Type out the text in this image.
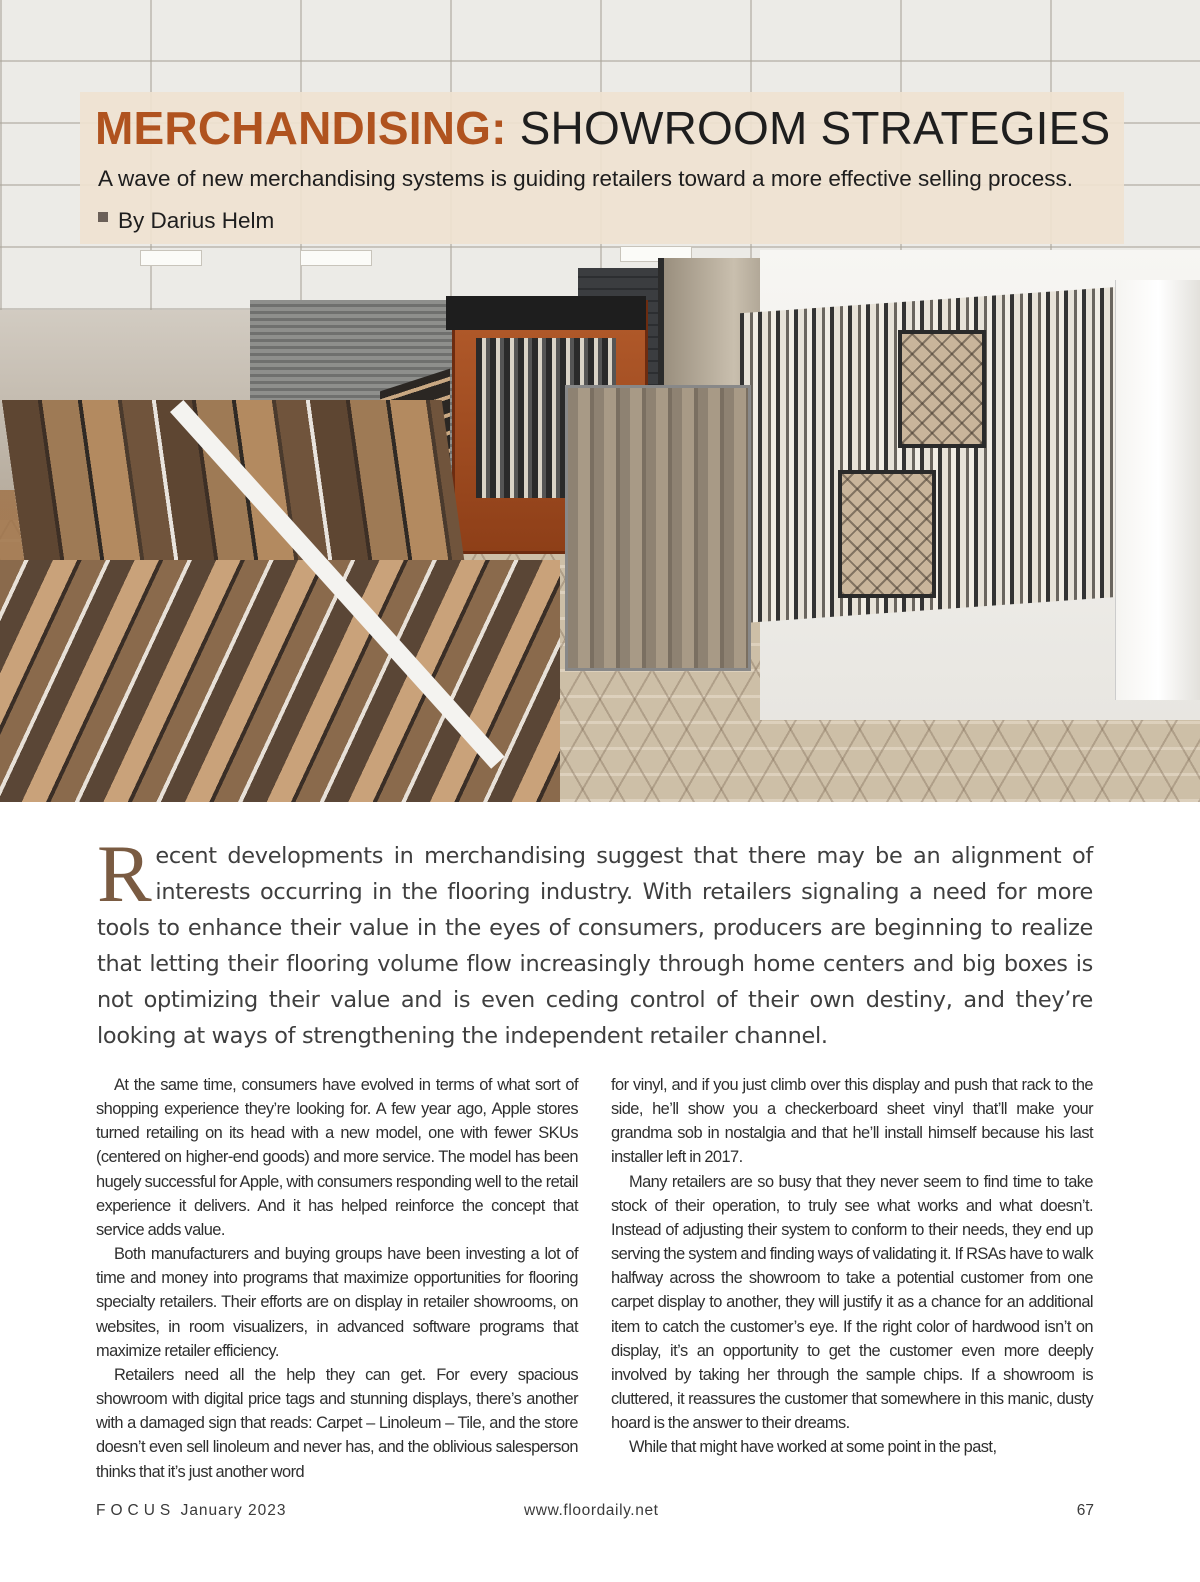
MERCHANDISING: SHOWROOM STRATEGIES

A wave of new merchandising systems is guiding retailers toward a more effective selling process.

By Darius Helm

Recent developments in merchandising suggest that there may be an alignment of interests occurring in the flooring industry. With retailers signaling a need for more tools to enhance their value in the eyes of consumers, producers are beginning to realize that letting their flooring volume flow increasingly through home centers and big boxes is not optimizing their value and is even ceding control of their own destiny, and they’re looking at ways of strengthening the independent retailer channel.

At the same time, consumers have evolved in terms of what sort of shopping experience they’re looking for. A few year ago, Apple stores turned retailing on its head with a new model, one with fewer SKUs (centered on higher-end goods) and more service. The model has been hugely successful for Apple, with consumers responding well to the retail experience it delivers. And it has helped reinforce the concept that service adds value.

Both manufacturers and buying groups have been investing a lot of time and money into programs that maximize opportunities for flooring specialty retailers. Their efforts are on display in retailer showrooms, on websites, in room visualizers, in advanced software programs that maximize retailer efficiency.

Retailers need all the help they can get. For every spacious showroom with digital price tags and stunning displays, there’s another with a damaged sign that reads: Carpet – Linoleum – Tile, and the store doesn’t even sell linoleum and never has, and the oblivious salesperson thinks that it’s just another word

for vinyl, and if you just climb over this display and push that rack to the side, he’ll show you a checkerboard sheet vinyl that’ll make your grandma sob in nostalgia and that he’ll install himself because his last installer left in 2017.

Many retailers are so busy that they never seem to find time to take stock of their operation, to truly see what works and what doesn’t. Instead of adjusting their system to conform to their needs, they end up serving the system and finding ways of validating it. If RSAs have to walk halfway across the showroom to take a potential customer from one carpet display to another, they will justify it as a chance for an additional item to catch the customer’s eye. If the right color of hardwood isn’t on display, it’s an opportunity to get the customer even more deeply involved by taking her through the sample chips. If a showroom is cluttered, it reassures the customer that somewhere in this manic, dusty hoard is the answer to their dreams.

While that might have worked at some point in the past,

FOCUS January 2023	www.floordaily.net	67
